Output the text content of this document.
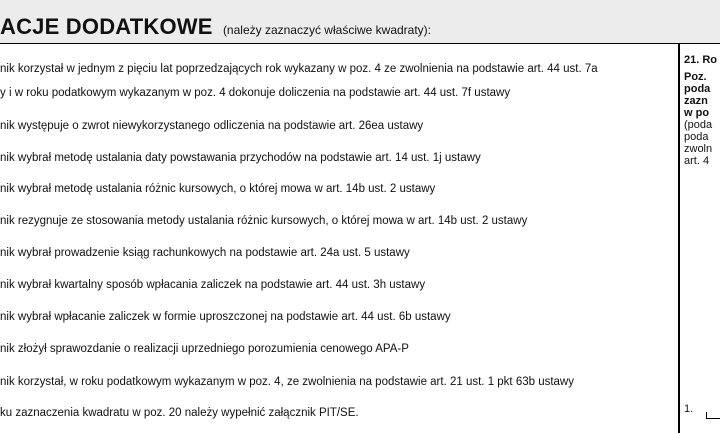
ACJE DODATKOWE (należy zaznaczyć właściwe kwadraty):
nik korzystał w jednym z pięciu lat poprzedzających rok wykazany w poz. 4 ze zwolnienia na podstawie art. 44 ust. 7a
y i w roku podatkowym wykazanym w poz. 4 dokonuje doliczenia na podstawie art. 44 ust. 7f ustawy
nik występuje o zwrot niewykorzystanego odliczenia na podstawie art. 26ea ustawy
nik wybrał metodę ustalania daty powstawania przychodów na podstawie art. 14 ust. 1j ustawy
nik wybrał metodę ustalania różnic kursowych, o której mowa w art. 14b ust. 2 ustawy
nik rezygnuje ze stosowania metody ustalania różnic kursowych, o której mowa w art. 14b ust. 2 ustawy
nik wybrał prowadzenie ksiąg rachunkowych na podstawie art. 24a ust. 5 ustawy
nik wybrał kwartalny sposób wpłacania zaliczek na podstawie art. 44 ust. 3h ustawy
nik wybrał wpłacanie zaliczek w formie uproszczonej na podstawie art. 44 ust. 6b ustawy
nik złożył sprawozdanie o realizacji uprzedniego porozumienia cenowego APA-P
nik korzystał, w roku podatkowym wykazanym w poz. 4, ze zwolnienia na podstawie art. 21 ust. 1 pkt 63b ustawy
ku zaznaczenia kwadratu w poz. 20 należy wypełnić załącznik PIT/SE.
21. Ro
Poz.
poda
zazn
w po
(poda
poda
zwoln
art. 4
1.
